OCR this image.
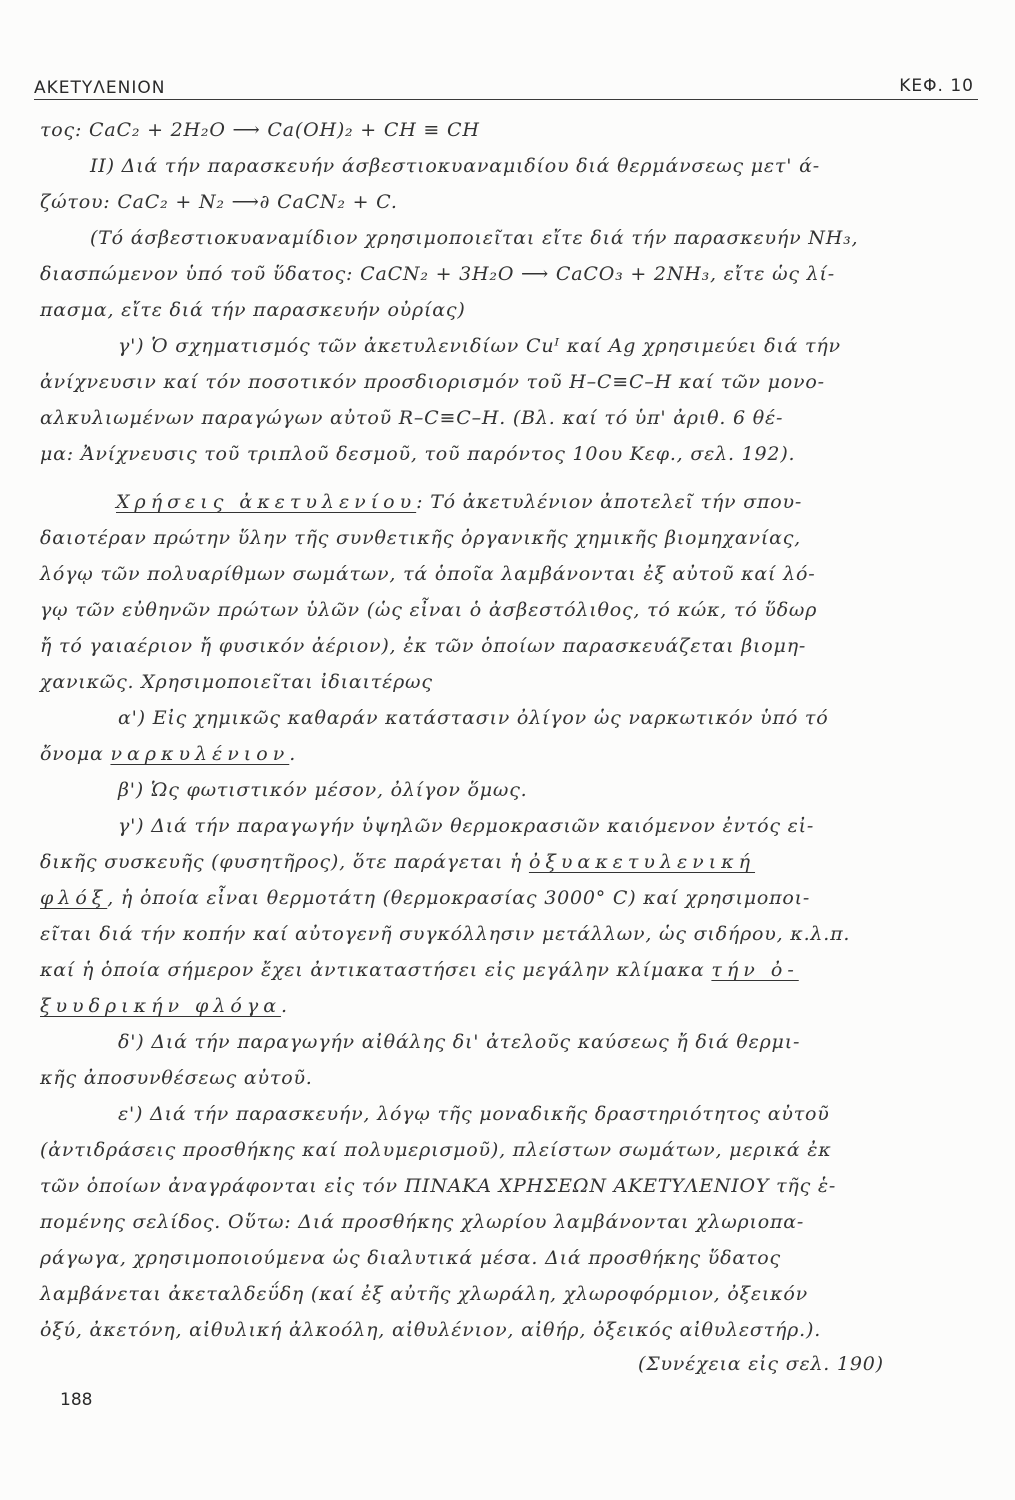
ΑΚΕΤΥΛΕΝΙΟΝ	ΚΕΦ. 10
τος: CaC₂ + 2H₂O ⟶ Ca(OH)₂ + CH ≡ CH
II) Διά τήν παρασκευήν άσβεστιοκυαναμιδίου διά θερμάνσεως μετ' ά-
ζώτου: CaC₂ + N₂ ⟶∂ CaCN₂ + C.
(Τό άσβεστιοκυαναμίδιον χρησιμοποιεῖται εἴτε διά τήν παρασκευήν NH₃,
διασπώμενον ὑπό τοῦ ὕδατος: CaCN₂ + 3H₂O ⟶ CaCO₃ + 2NH₃, εἴτε ὡς λί-
πασμα, εἴτε διά τήν παρασκευήν οὐρίας)
γ') Ὁ σχηματισμός τῶν ἀκετυλενιδίων Cuᴵ καί Ag χρησιμεύει διά τήν
ἀνίχνευσιν καί τόν ποσοτικόν προσδιορισμόν τοῦ H–C≡C–H καί τῶν μονο-
αλκυλιωμένων παραγώγων αὐτοῦ R–C≡C–H. (Βλ. καί τό ὑπ' ἀριθ. 6 θέ-
μα: Ἀνίχνευσις τοῦ τριπλοῦ δεσμοῦ, τοῦ παρόντος 10ου Κεφ., σελ. 192).
Χρήσεις ἀκετυλενίου: Τό ἀκετυλένιον ἀποτελεῖ τήν σπου-
δαιοτέραν πρώτην ὕλην τῆς συνθετικῆς ὀργανικῆς χημικῆς βιομηχανίας,
λόγῳ τῶν πολυαρίθμων σωμάτων, τά ὁποῖα λαμβάνονται ἐξ αὐτοῦ καί λό-
γῳ τῶν εὐθηνῶν πρώτων ὑλῶν (ὡς εἶναι ὁ ἀσβεστόλιθος, τό κώκ, τό ὕδωρ
ἤ τό γαιαέριον ἤ φυσικόν ἀέριον), ἐκ τῶν ὁποίων παρασκευάζεται βιομη-
χανικῶς. Χρησιμοποιεῖται ἰδιαιτέρως
α') Εἰς χημικῶς καθαράν κατάστασιν ὀλίγον ὡς ναρκωτικόν ὑπό τό
ὄνομα ναρκυλένιον.
β') Ὡς φωτιστικόν μέσον, ὀλίγον ὅμως.
γ') Διά τήν παραγωγήν ὑψηλῶν θερμοκρασιῶν καιόμενον ἐντός εἰ-
δικῆς συσκευῆς (φυσητῆρος), ὅτε παράγεται ἡ ὀξυακετυλενική
φλόξ, ἡ ὁποία εἶναι θερμοτάτη (θερμοκρασίας 3000° C) καί χρησιμοποι-
εῖται διά τήν κοπήν καί αὐτογενῆ συγκόλλησιν μετάλλων, ὡς σιδήρου, κ.λ.π.
καί ἡ ὁποία σήμερον ἔχει ἀντικαταστήσει εἰς μεγάλην κλίμακα τήν ὀ-
ξυυδρικήν φλόγα.
δ') Διά τήν παραγωγήν αἰθάλης δι' ἀτελοῦς καύσεως ἤ διά θερμι-
κῆς ἀποσυνθέσεως αὐτοῦ.
ε') Διά τήν παρασκευήν, λόγῳ τῆς μοναδικῆς δραστηριότητος αὐτοῦ
(ἀντιδράσεις προσθήκης καί πολυμερισμοῦ), πλείστων σωμάτων, μερικά ἐκ
τῶν ὁποίων ἀναγράφονται εἰς τόν ΠΙΝΑΚΑ ΧΡΗΣΕΩΝ ΑΚΕΤΥΛΕΝΙΟΥ τῆς ἑ-
πομένης σελίδος. Οὕτω: Διά προσθήκης χλωρίου λαμβάνονται χλωριοπα-
ράγωγα, χρησιμοποιούμενα ὡς διαλυτικά μέσα. Διά προσθήκης ὕδατος
λαμβάνεται ἀκεταλδεΰδη (καί ἐξ αὐτῆς χλωράλη, χλωροφόρμιον, ὀξεικόν
ὀξύ, ἀκετόνη, αἰθυλική ἀλκοόλη, αἰθυλένιον, αἰθήρ, ὀξεικός αἰθυλεστήρ.).
(Συνέχεια εἰς σελ. 190)
188
